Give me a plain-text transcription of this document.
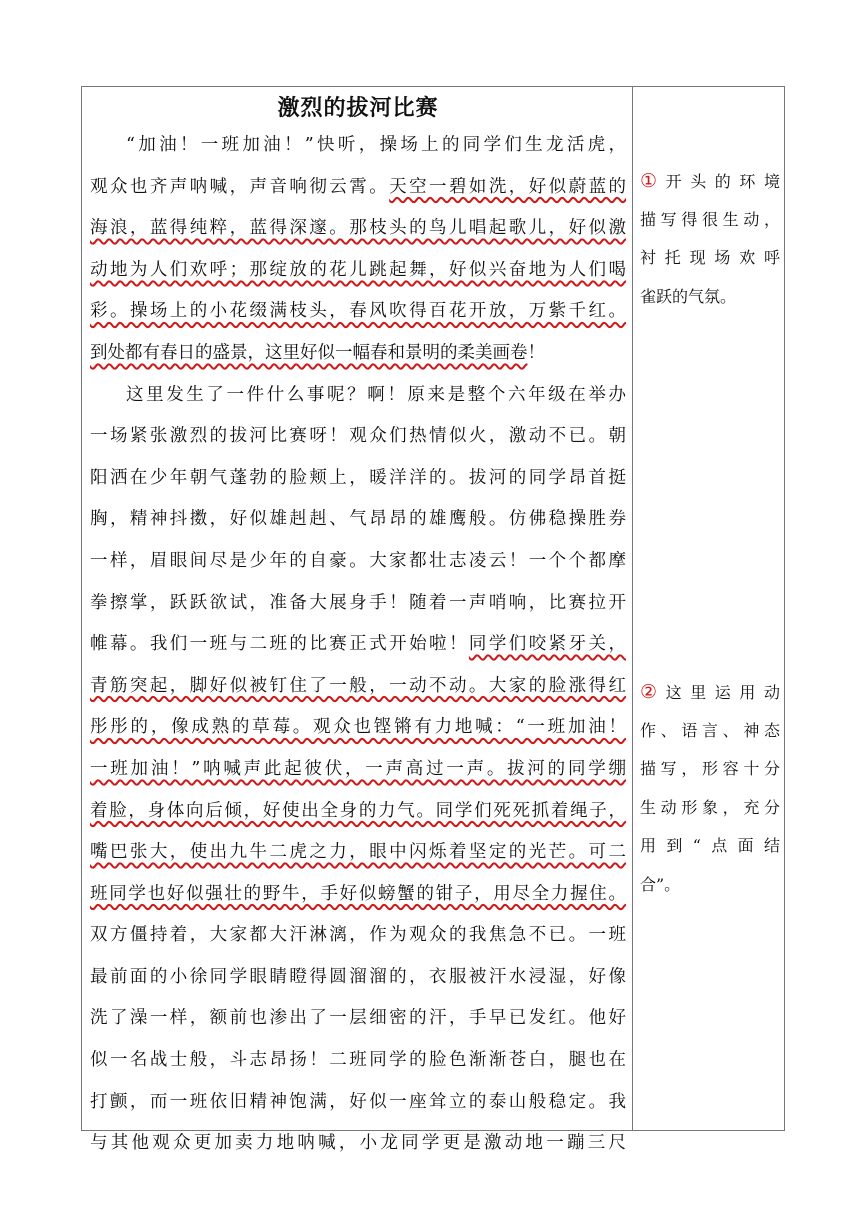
激烈的拔河比赛
“加油！一班加油！”快听，操场上的同学们生龙活虎，
观众也齐声呐喊，声音响彻云霄。天空一碧如洗，好似蔚蓝的
海浪，蓝得纯粹，蓝得深邃。那枝头的鸟儿唱起歌儿，好似激
动地为人们欢呼；那绽放的花儿跳起舞，好似兴奋地为人们喝
彩。操场上的小花缀满枝头，春风吹得百花开放，万紫千红。
到处都有春日的盛景，这里好似一幅春和景明的柔美画卷！
这里发生了一件什么事呢？啊！原来是整个六年级在举办
一场紧张激烈的拔河比赛呀！观众们热情似火，激动不已。朝
阳洒在少年朝气蓬勃的脸颊上，暖洋洋的。拔河的同学昂首挺
胸，精神抖擞，好似雄赳赳、气昂昂的雄鹰般。仿佛稳操胜券
一样，眉眼间尽是少年的自豪。大家都壮志凌云！一个个都摩
拳擦掌，跃跃欲试，准备大展身手！随着一声哨响，比赛拉开
帷幕。我们一班与二班的比赛正式开始啦！同学们咬紧牙关，
青筋突起，脚好似被钉住了一般，一动不动。大家的脸涨得红
彤彤的，像成熟的草莓。观众也铿锵有力地喊：“一班加油！
一班加油！”呐喊声此起彼伏，一声高过一声。拔河的同学绷
着脸，身体向后倾，好使出全身的力气。同学们死死抓着绳子，
嘴巴张大，使出九牛二虎之力，眼中闪烁着坚定的光芒。可二
班同学也好似强壮的野牛，手好似螃蟹的钳子，用尽全力握住。
双方僵持着，大家都大汗淋漓，作为观众的我焦急不已。一班
最前面的小徐同学眼睛瞪得圆溜溜的，衣服被汗水浸湿，好像
洗了澡一样，额前也渗出了一层细密的汗，手早已发红。他好
似一名战士般，斗志昂扬！二班同学的脸色渐渐苍白，腿也在
打颤，而一班依旧精神饱满，好似一座耸立的泰山般稳定。我
与其他观众更加卖力地呐喊，小龙同学更是激动地一蹦三尺
①开头的环境
描写得很生动，
衬托现场欢呼
雀跃的气氛。
②这里运用动
作、语言、神态
描写，形容十分
生动形象，充分
用到“点面结
合”。
